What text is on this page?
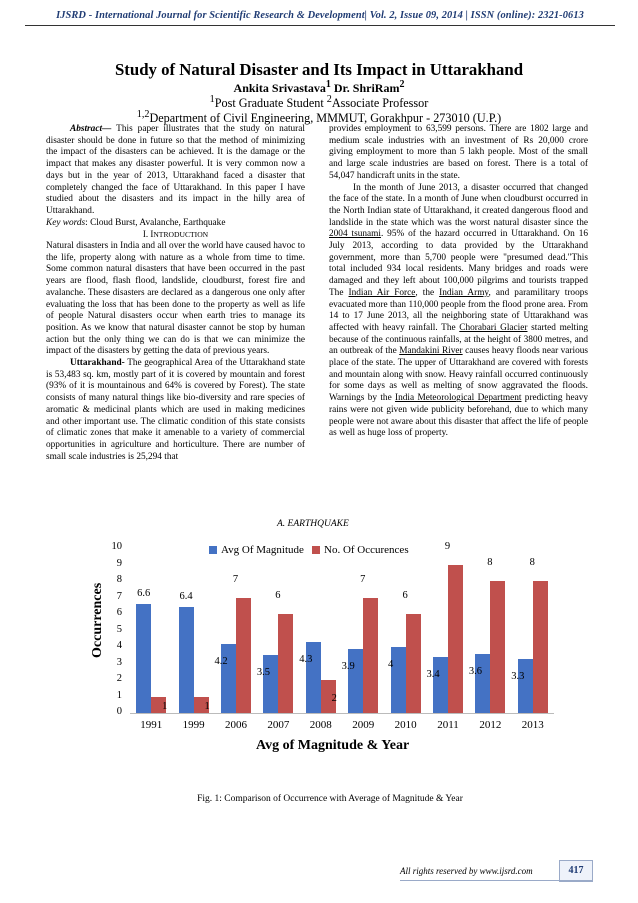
IJSRD - International Journal for Scientific Research & Development| Vol. 2, Issue 09, 2014 | ISSN (online): 2321-0613
Study of Natural Disaster and Its Impact in Uttarakhand
Ankita Srivastava$^1$ Dr. ShriRam$^2$
$^1$Post Graduate Student $^2$Associate Professor
$^{1,2}$Department of Civil Engineering, MMMUT, Gorakhpur - 273010 (U.P.)

Abstract— This paper illustrates that the study on natural disaster should be done in future so that the method of minimizing the impact of the disasters can be achieved. It is the damage or the impact that makes any disaster powerful. It is very common now a days but in the year of 2013, Uttarakhand faced a disaster that completely changed the face of Uttarakhand. In this paper I have studied about the disasters and its impact in the hilly area of Uttarakhand.

Key words: Cloud Burst, Avalanche, Earthquake

I. INTRODUCTION

Natural disasters in India and all over the world have caused havoc to the life, property along with nature as a whole from time to time. Some common natural disasters that have been occurred in the past years are flood, flash flood, landslide, cloudburst, forest fire and avalanche. These disasters are declared as a dangerous one only after evaluating the loss that has been done to the property as well as life of people Natural disasters occur when earth tries to manage its position. As we know that natural disaster cannot be stop by human action but the only thing we can do is that we can minimize the impact of the disasters by getting the data of previous years.

Uttarakhand- The geographical Area of the Uttarakhand state is 53,483 sq. km, mostly part of it is covered by mountain and forest (93% of it is mountainous and 64% is covered by Forest). The state consists of many natural things like bio-diversity and rare species of aromatic & medicinal plants which are used in making medicines and other important use. The climatic condition of this state consists of climatic zones that make it amenable to a variety of commercial opportunities in agriculture and horticulture. There are number of small scale industries is 25,294 that

provides employment to 63,599 persons. There are 1802 large and medium scale industries with an investment of Rs 20,000 crore giving employment to more than 5 lakh people. Most of the small and large scale industries are based on forest. There is a total of 54,047 handicraft units in the state.

In the month of June 2013, a disaster occurred that changed the face of the state. In a month of June when cloudburst occurred in the North Indian state of Uttarakhand, it created dangerous flood and landslide in the state which was the worst natural disaster since the 2004 tsunami. 95% of the hazard occurred in Uttarakhand. On 16 July 2013, according to data provided by the Uttarakhand government, more than 5,700 people were "presumed dead."This total included 934 local residents. Many bridges and roads were damaged and they left about 100,000 pilgrims and tourists trapped The Indian Air Force, the Indian Army, and paramilitary troops evacuated more than 110,000 people from the flood prone area. From 14 to 17 June 2013, all the neighboring state of Uttarakhand was affected with heavy rainfall. The Chorabari Glacier started melting because of the continuous rainfalls, at the height of 3800 metres, and an outbreak of the Mandakini River causes heavy floods near various place of the state. The upper of Uttarakhand are covered with forests and mountain along with snow. Heavy rainfall occurred continuously for some days as well as melting of snow aggravated the floods. Warnings by the India Meteorological Department predicting heavy rains were not given wide publicity beforehand, due to which many people were not aware about this disaster that affect the life of people as well as huge loss of property.

A. EARTHQUAKE
Avg Of Magnitude No. Of Occurences
Occurrences
Avg of Magnitude & Year
0
1
2
3
4
5
6
7
8
9
10
6.6
1
1991
6.4
1
1999
4.2
7
2006
3.5
6
2007
4.3
2
2008
3.9
7
2009
4
6
2010
3.4
9
2011
3.6
8
2012
3.3
8
2013
Fig. 1: Comparison of Occurrence with Average of Magnitude & Year
All rights reserved by www.ijsrd.com	417
